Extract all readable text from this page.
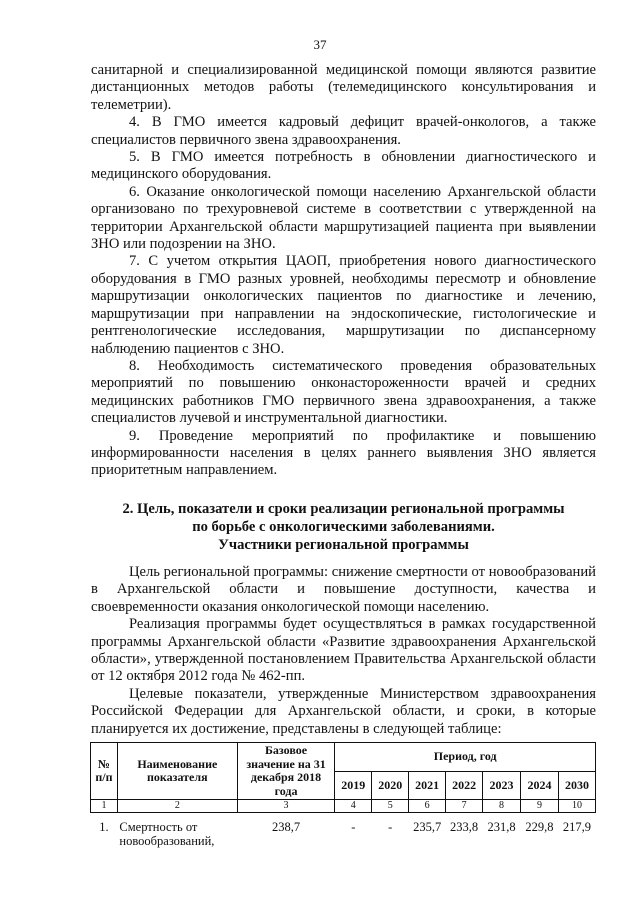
37

санитарной и специализированной медицинской помощи являются развитие дистанционных методов работы (телемедицинского консультирования и телеметрии).

4. В ГМО имеется кадровый дефицит врачей-онкологов, а также специалистов первичного звена здравоохранения.

5. В ГМО имеется потребность в обновлении диагностического и медицинского оборудования.

6. Оказание онкологической помощи населению Архангельской области организовано по трехуровневой системе в соответствии с утвержденной на территории Архангельской области маршрутизацией пациента при выявлении ЗНО или подозрении на ЗНО.

7. С учетом открытия ЦАОП, приобретения нового диагностического оборудования в ГМО разных уровней, необходимы пересмотр и обновление маршрутизации онкологических пациентов по диагностике и лечению, маршрутизации при направлении на эндоскопические, гистологические и рентгенологические исследования, маршрутизации по диспансерному наблюдению пациентов с ЗНО.

8. Необходимость систематического проведения образовательных мероприятий по повышению онконастороженности врачей и средних медицинских работников ГМО первичного звена здравоохранения, а также специалистов лучевой и инструментальной диагностики.

9. Проведение мероприятий по профилактике и повышению информированности населения в целях раннего выявления ЗНО является приоритетным направлением.

2. Цель, показатели и сроки реализации региональной программы
по борьбе с онкологическими заболеваниями.
Участники региональной программы

Цель региональной программы: снижение смертности от новообразований в Архангельской области и повышение доступности, качества и своевременности оказания онкологической помощи населению.

Реализация программы будет осуществляться в рамках государственной программы Архангельской области «Развитие здравоохранения Архангельской области», утвержденной постановлением Правительства Архангельской области от 12 октября 2012 года № 462-пп.

Целевые показатели, утвержденные Министерством здравоохранения Российской Федерации для Архангельской области, и сроки, в которые планируется их достижение, представлены в следующей таблице:

№ п/п	Наименование показателя	Базовое значение на 31 декабря 2018 года	Период, год						
			2019	2020	2021	2022	2023	2024	2030
1	2	3	4	5	6	7	8	9	10
1.	Смертность от новообразований,	238,7	-	-	235,7	233,8	231,8	229,8	217,9
